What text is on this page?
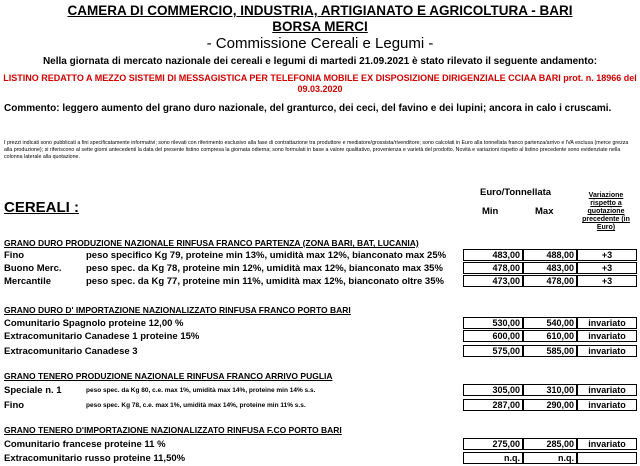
CAMERA DI COMMERCIO, INDUSTRIA, ARTIGIANATO E AGRICOLTURA - BARI
BORSA MERCI
- Commissione Cereali e Legumi -
Nella giornata di mercato nazionale dei cereali e legumi di martedi 21.09.2021 è stato rilevato il seguente andamento:
LISTINO REDATTO A MEZZO SISTEMI DI MESSAGISTICA PER TELEFONIA MOBILE EX DISPOSIZIONE DIRIGENZIALE CCIAA BARI prot. n. 18966 del
09.03.2020
Commento: leggero aumento del grano duro nazionale, del granturco, dei ceci, del favino e dei lupini; ancora in calo i cruscami.
I prezzi indicati sono pubblicati a fini specificatamente informativi; sono rilevati con riferimento esclusivo alla fase di contrattazione tra produttore e mediatore/grossista/rivenditore; sono calcolati in Euro alla tonnellata franco partenza/arrivo e IVA esclusa (merce grezza alla produzione); si riferiscono al sette giorni antecedenti la data del presente listino compresa la giornata odierna; sono formulati in base a valore qualitativo, provenienza e varietà del prodotto. Novità e variazioni rispetto al listino precedente sono evidenziate nella colonna laterale alla quotazione.
CEREALI :
Euro/Tonnellata
Min	Max
Variazione rispetto a quotazione precedente (in Euro)
GRANO DURO PRODUZIONE NAZIONALE RINFUSA FRANCO PARTENZA (ZONA BARI, BAT, LUCANIA)
Fino	peso specifico Kg 79, proteine min 13%, umidità max 12%, bianconato max 25%	483,00	488,00	+3
Buono Merc.	peso spec. da Kg 78, proteine min 12%, umidità max 12%, bianconato max 35%	478,00	483,00	+3
Mercantile	peso spec. da Kg 77, proteine min 11%, umidità max 12%, bianconato oltre 35%	473,00	478,00	+3
GRANO DURO D' IMPORTAZIONE NAZIONALIZZATO RINFUSA FRANCO PORTO BARI
Comunitario Spagnolo proteine 12,00 %	530,00	540,00	invariato
Extracomunitario Canadese 1 proteine 15%	600,00	610,00	invariato
Extracomunitario Canadese 3	575,00	585,00	invariato
GRANO TENERO PRODUZIONE NAZIONALE RINFUSA FRANCO ARRIVO PUGLIA
Speciale n. 1	peso spec. da Kg 80, c.e. max 1%, umidità max 14%, proteine min 14% s.s.	305,00	310,00	invariato
Fino	peso spec. Kg 78, c.e. max 1%, umidità max 14%, proteine min 11% s.s.	287,00	290,00	invariato
GRANO TENERO D'IMPORTAZIONE NAZIONALIZZATO RINFUSA F.CO PORTO BARI
Comunitario francese proteine 11 %	275,00	285,00	invariato
Extracomunitario russo proteine 11,50%	n.q.	n.q.
